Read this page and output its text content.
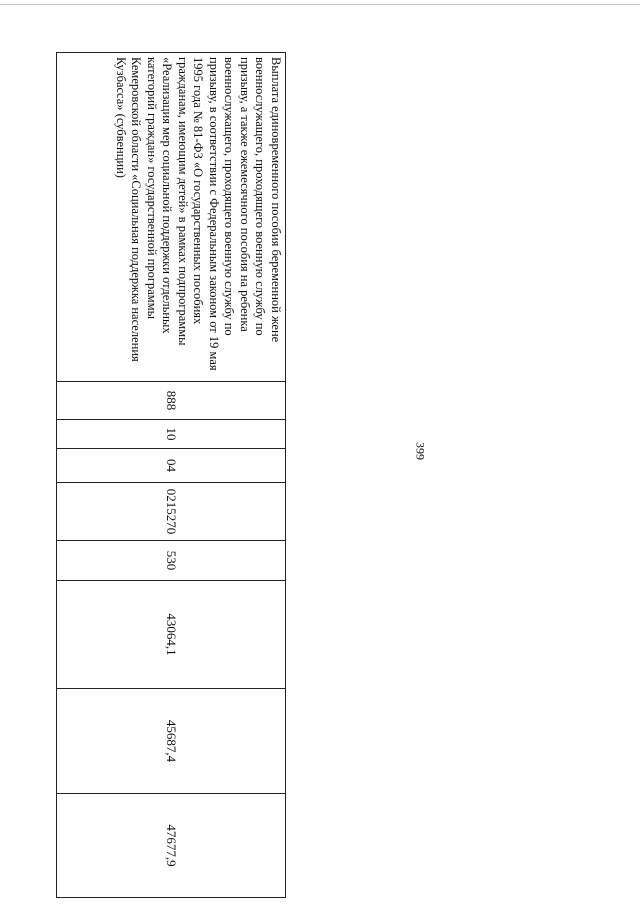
399
Выплата единовременного пособия беременной жене военнослужащего, проходящего военную службу по призыву, а также ежемесячного пособия на ребенка военнослужащего, проходящего военную службу по призыву, в соответствии с Федеральным законом от 19 мая 1995 года № 81-ФЗ «О государственных пособиях гражданам, имеющим детей» в рамках подпрограммы «Реализация мер социальной поддержки отдельных категорий граждан» государственной программы Кемеровской области «Социальная поддержка населения Кузбасса» (субвенции)	888	10	04	0215270	530	43064,1	45687,4	47677,9
